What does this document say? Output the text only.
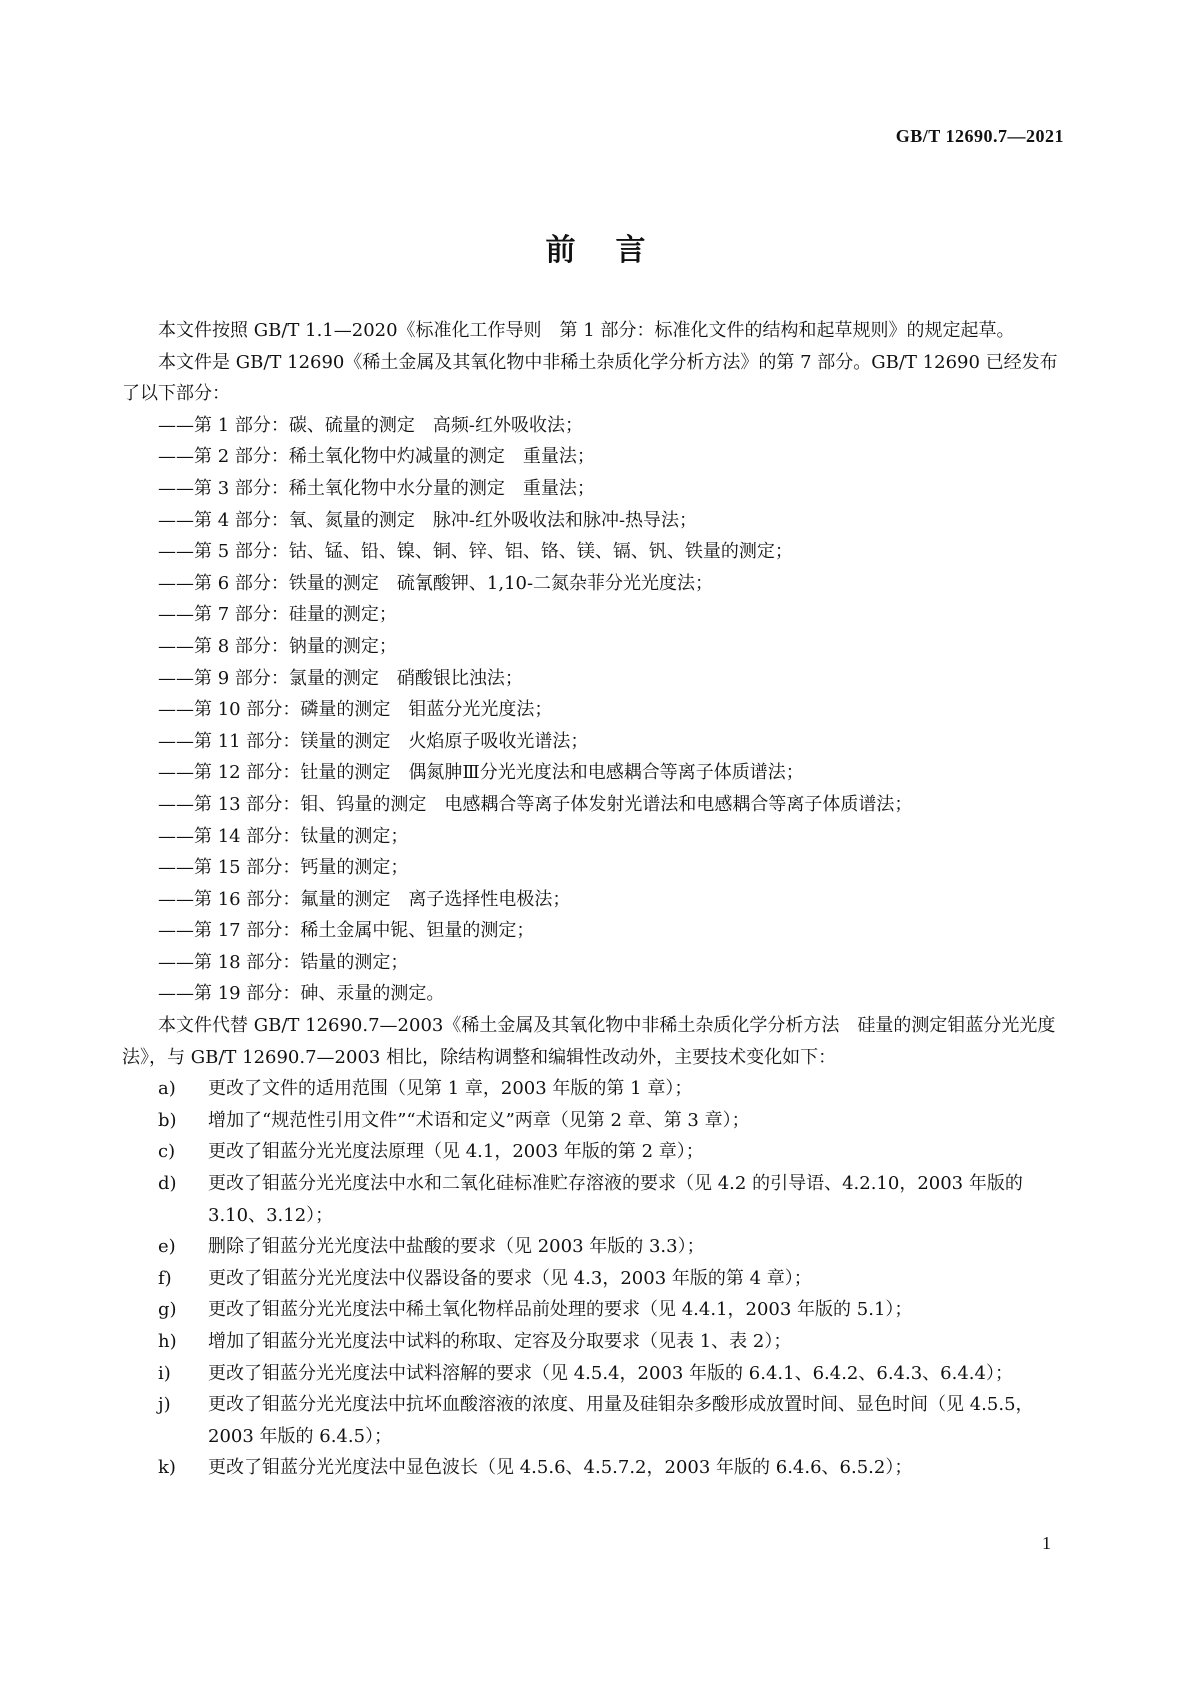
GB/T 12690.7—2021
前言

本文件按照 GB/T 1.1—2020《标准化工作导则　第 1 部分：标准化文件的结构和起草规则》的规定起草。

本文件是 GB/T 12690《稀土金属及其氧化物中非稀土杂质化学分析方法》的第 7 部分。GB/T 12690 已经发布了以下部分：

——第 1 部分：碳、硫量的测定　高频-红外吸收法；

——第 2 部分：稀土氧化物中灼减量的测定　重量法；

——第 3 部分：稀土氧化物中水分量的测定　重量法；

——第 4 部分：氧、氮量的测定　脉冲-红外吸收法和脉冲-热导法；

——第 5 部分：钴、锰、铅、镍、铜、锌、铝、铬、镁、镉、钒、铁量的测定；

——第 6 部分：铁量的测定　硫氰酸钾、1,10-二氮杂菲分光光度法；

——第 7 部分：硅量的测定；

——第 8 部分：钠量的测定；

——第 9 部分：氯量的测定　硝酸银比浊法；

——第 10 部分：磷量的测定　钼蓝分光光度法；

——第 11 部分：镁量的测定　火焰原子吸收光谱法；

——第 12 部分：钍量的测定　偶氮胂Ⅲ分光光度法和电感耦合等离子体质谱法；

——第 13 部分：钼、钨量的测定　电感耦合等离子体发射光谱法和电感耦合等离子体质谱法；

——第 14 部分：钛量的测定；

——第 15 部分：钙量的测定；

——第 16 部分：氟量的测定　离子选择性电极法；

——第 17 部分：稀土金属中铌、钽量的测定；

——第 18 部分：锆量的测定；

——第 19 部分：砷、汞量的测定。

本文件代替 GB/T 12690.7—2003《稀土金属及其氧化物中非稀土杂质化学分析方法　硅量的测定钼蓝分光光度法》，与 GB/T 12690.7—2003 相比，除结构调整和编辑性改动外，主要技术变化如下：

a)	更改了文件的适用范围（见第 1 章，2003 年版的第 1 章）；
b)	增加了“规范性引用文件”“术语和定义”两章（见第 2 章、第 3 章）；
c)	更改了钼蓝分光光度法原理（见 4.1，2003 年版的第 2 章）；
d)	更改了钼蓝分光光度法中水和二氧化硅标准贮存溶液的要求（见 4.2 的引导语、4.2.10，2003 年版的 3.10、3.12）；
e)	删除了钼蓝分光光度法中盐酸的要求（见 2003 年版的 3.3）；
f)	更改了钼蓝分光光度法中仪器设备的要求（见 4.3，2003 年版的第 4 章）；
g)	更改了钼蓝分光光度法中稀土氧化物样品前处理的要求（见 4.4.1，2003 年版的 5.1）；
h)	增加了钼蓝分光光度法中试料的称取、定容及分取要求（见表 1、表 2）；
i)	更改了钼蓝分光光度法中试料溶解的要求（见 4.5.4，2003 年版的 6.4.1、6.4.2、6.4.3、6.4.4）；
j)	更改了钼蓝分光光度法中抗坏血酸溶液的浓度、用量及硅钼杂多酸形成放置时间、显色时间（见 4.5.5，2003 年版的 6.4.5）；
k)	更改了钼蓝分光光度法中显色波长（见 4.5.6、4.5.7.2，2003 年版的 6.4.6、6.5.2）；
1
